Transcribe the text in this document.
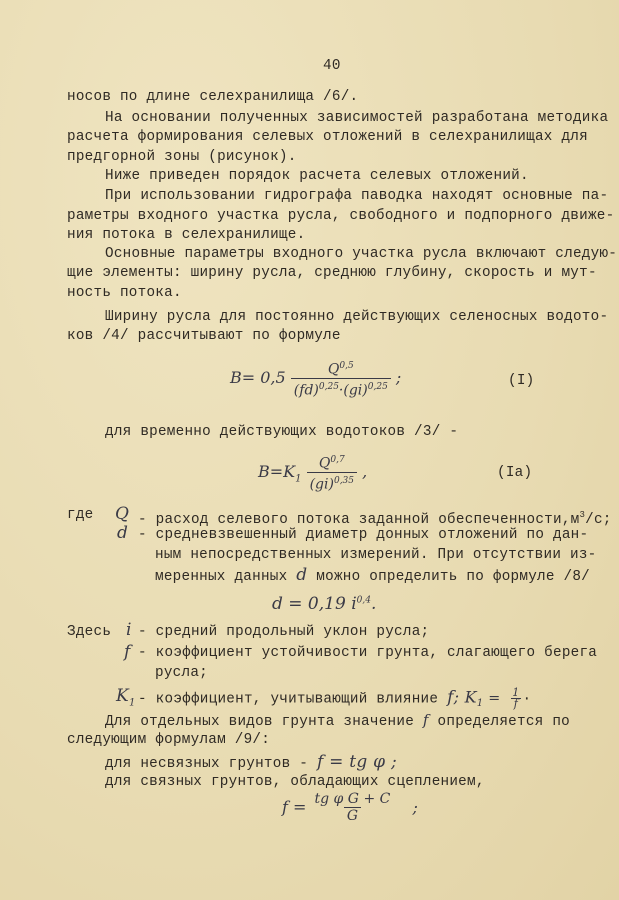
40
носов по длине селехранилища /6/.
На основании полученных зависимостей разработана методика
расчета формирования селевых отложений в селехранилищах для
предгорной зоны (рисунок).
Ниже приведен порядок расчета селевых отложений.
При использовании гидрографа паводка находят основные па-
раметры входного участка русла, свободного и подпорного движе-
ния потока в селехранилище.
Основные параметры входного участка русла включают следую-
щие элементы: ширину русла, среднюю глубину, скорость и мут-
ность потока.
Ширину русла для постоянно действующих селеносных водото-
ков /4/ рассчитывают по формуле
$B= 0,5 \frac{Q^{0,5}}{(fd)^{0,25}\cdot(gi)^{0,25}}$ ;	(I)
для временно действующих водотоков /3/ -
$B=K_1 \frac{Q^{0,7}}{(gi)^{0,35}}$ ,	(Ia)
где Q - расход селевого потока заданной $обеспеченности,м^3/с$;
d - средневзвешенный диаметр донных отложений по дан-
ным непосредственных измерений. При отсутствии из-
меренных данных d можно определить по формуле /8/
d = 0,19 $i^{0,4}$.
Здесь i - средний продольный уклон русла;
f - коэффициент устойчивости грунта, слагающего берега
русла;
$K_1$ - коэффициент, учитывающий влияние f; $K_1 = \frac{1}{f}$ ·
Для отдельных видов грунта значение f определяется по
следующим формулам /9/:
для несвязных грунтов - f = tg φ ;
для связных грунтов, обладающих сцеплением,
$f = \frac{\text{tg φ G + C}}{G}$ ;
